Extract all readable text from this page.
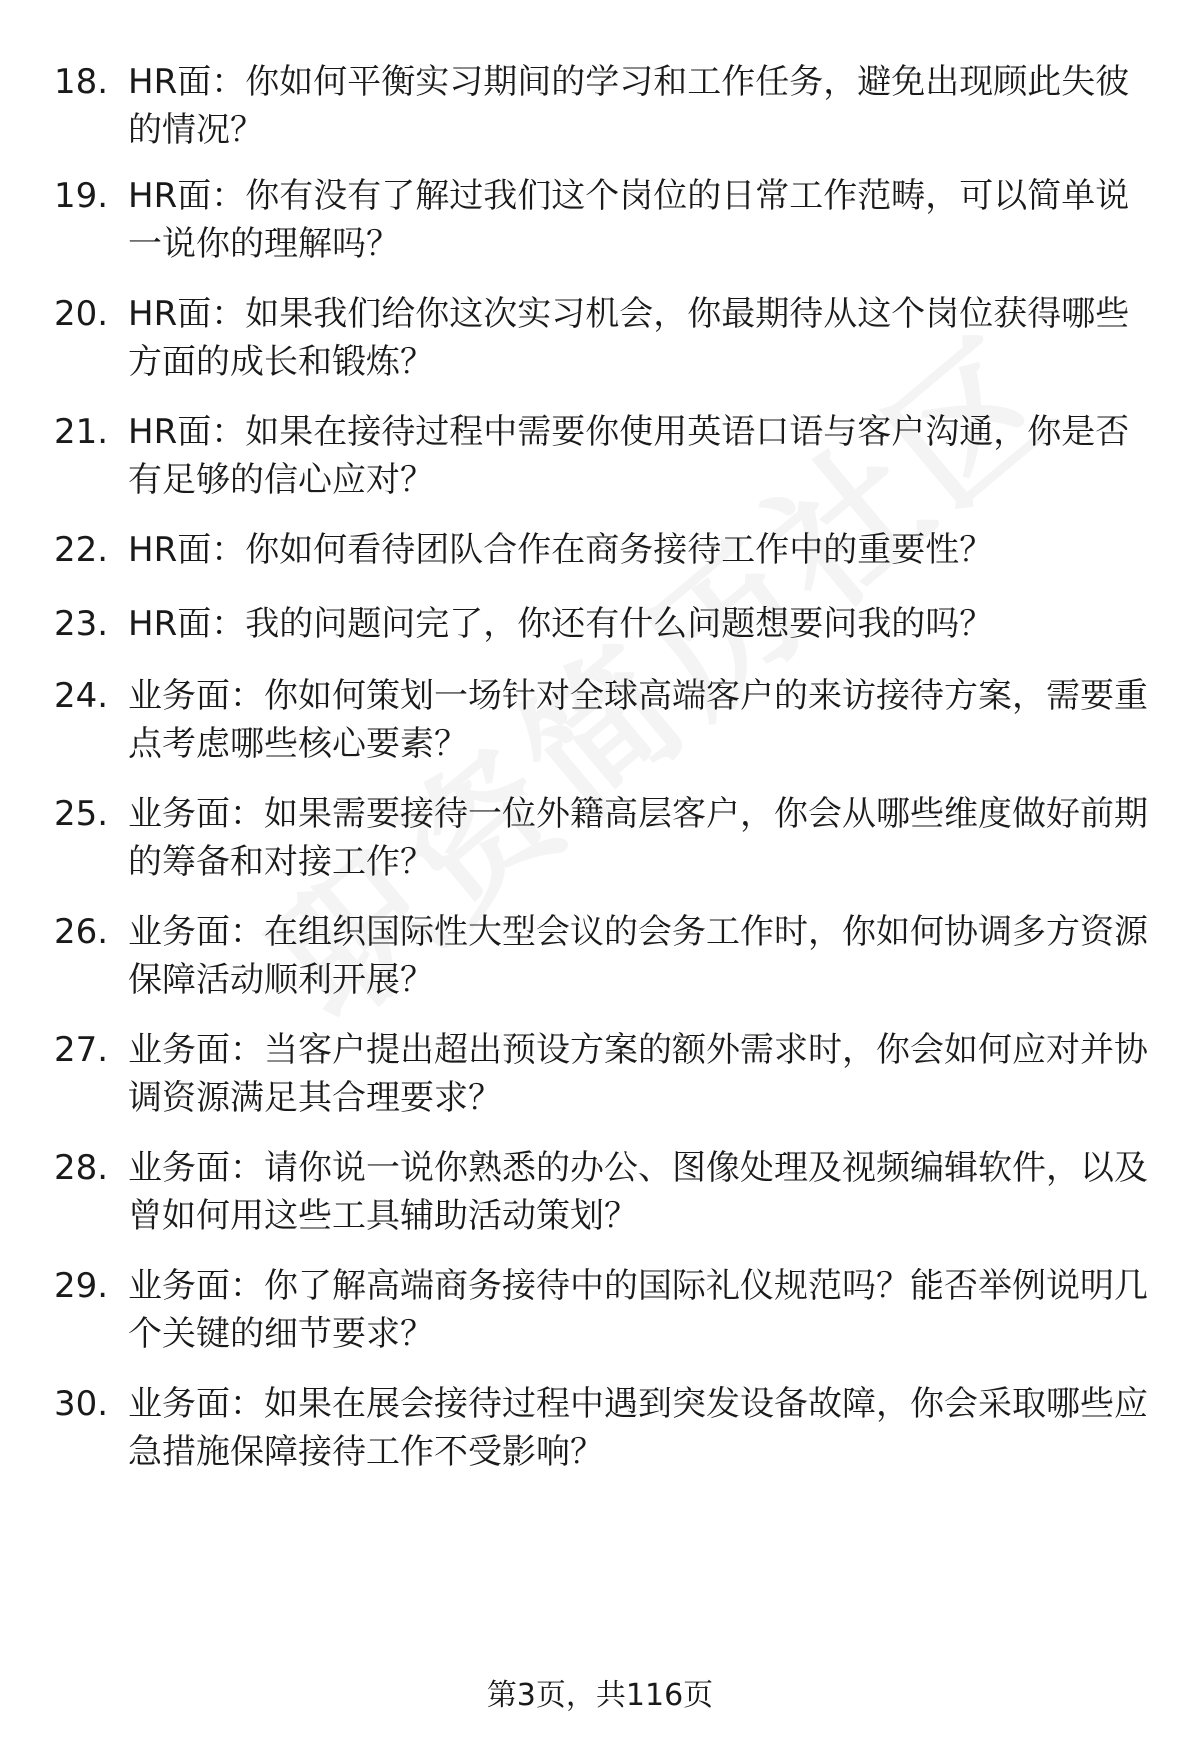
18. HR面：你如何平衡实习期间的学习和工作任务，避免出现顾此失彼的情况？
19. HR面：你有没有了解过我们这个岗位的日常工作范畴，可以简单说一说你的理解吗？
20. HR面：如果我们给你这次实习机会，你最期待从这个岗位获得哪些方面的成长和锻炼？
21. HR面：如果在接待过程中需要你使用英语口语与客户沟通，你是否有足够的信心应对？
22. HR面：你如何看待团队合作在商务接待工作中的重要性？
23. HR面：我的问题问完了，你还有什么问题想要问我的吗？
24. 业务面：你如何策划一场针对全球高端客户的来访接待方案，需要重点考虑哪些核心要素？
25. 业务面：如果需要接待一位外籍高层客户，你会从哪些维度做好前期的筹备和对接工作？
26. 业务面：在组织国际性大型会议的会务工作时，你如何协调多方资源保障活动顺利开展？
27. 业务面：当客户提出超出预设方案的额外需求时，你会如何应对并协调资源满足其合理要求？
28. 业务面：请你说一说你熟悉的办公、图像处理及视频编辑软件，以及曾如何用这些工具辅助活动策划？
29. 业务面：你了解高端商务接待中的国际礼仪规范吗？能否举例说明几个关键的细节要求？
30. 业务面：如果在展会接待过程中遇到突发设备故障，你会采取哪些应急措施保障接待工作不受影响？
第3页，共116页
